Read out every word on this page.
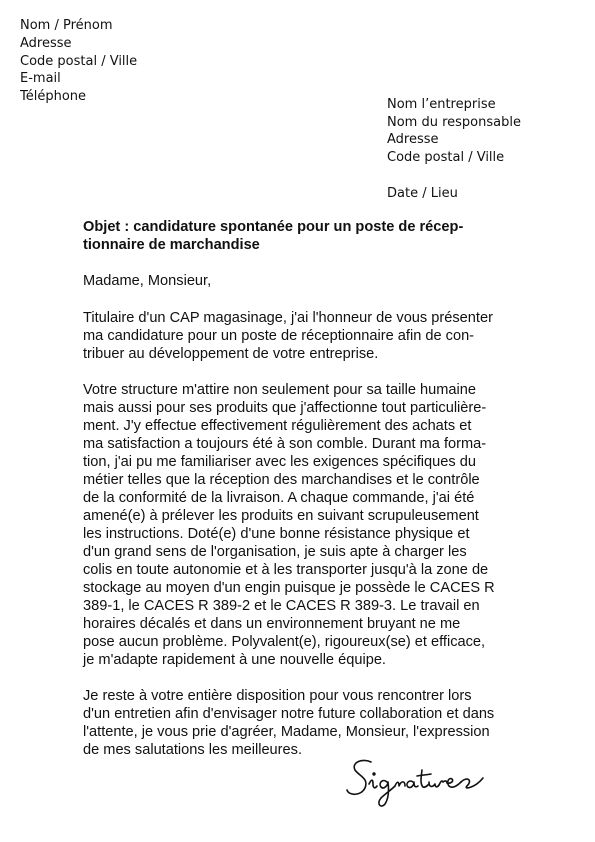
Nom / Prénom
Adresse
Code postal / Ville
E-mail
Téléphone
Nom l’entreprise
Nom du responsable
Adresse
Code postal / Ville
Date / Lieu
Objet : candidature spontanée pour un poste de récep-
tionnaire de marchandise
Madame, Monsieur,
Titulaire d'un CAP magasinage, j'ai l'honneur de vous présenter
ma candidature pour un poste de réceptionnaire afin de con-
tribuer au développement de votre entreprise.
Votre structure m'attire non seulement pour sa taille humaine
mais aussi pour ses produits que j'affectionne tout particulière-
ment. J'y effectue effectivement régulièrement des achats et
ma satisfaction a toujours été à son comble. Durant ma forma-
tion, j'ai pu me familiariser avec les exigences spécifiques du
métier telles que la réception des marchandises et le contrôle
de la conformité de la livraison. A chaque commande, j'ai été
amené(e) à prélever les produits en suivant scrupuleusement
les instructions. Doté(e) d'une bonne résistance physique et
d'un grand sens de l'organisation, je suis apte à charger les
colis en toute autonomie et à les transporter jusqu'à la zone de
stockage au moyen d'un engin puisque je possède le CACES R
389-1, le CACES R 389-2 et le CACES R 389-3. Le travail en
horaires décalés et dans un environnement bruyant ne me
pose aucun problème. Polyvalent(e), rigoureux(se) et efficace,
je m'adapte rapidement à une nouvelle équipe.
Je reste à votre entière disposition pour vous rencontrer lors
d'un entretien afin d'envisager notre future collaboration et dans
l'attente, je vous prie d'agréer, Madame, Monsieur, l'expression
de mes salutations les meilleures.
